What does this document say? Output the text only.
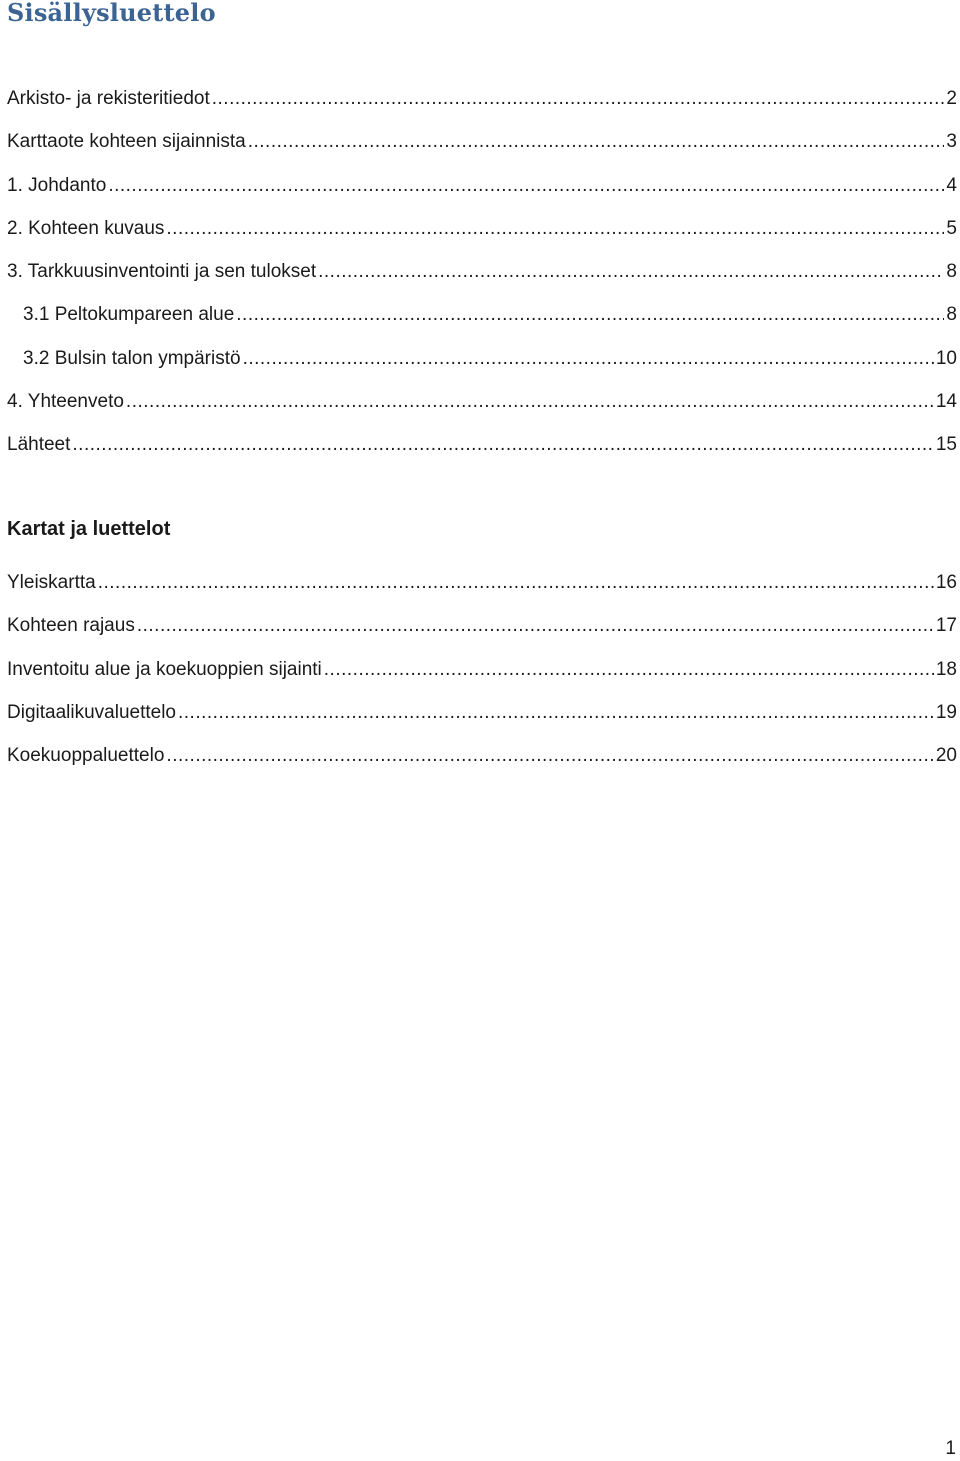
Sisällysluettelo
Arkisto- ja rekisteritiedot .....	2
Karttaote kohteen sijainnista .....	3
1. Johdanto .....	4
2. Kohteen kuvaus .....	5
3. Tarkkuusinventointi ja sen tulokset .....	8
3.1 Peltokumpareen alue .....	8
3.2 Bulsin talon ympäristö .....	10
4. Yhteenveto .....	14
Lähteet .....	15
Kartat ja luettelot
Yleiskartta .....	16
Kohteen rajaus .....	17
Inventoitu alue ja koekuoppien sijainti .....	18
Digitaalikuvaluettelo .....	19
Koekuoppaluettelo .....	20
1
